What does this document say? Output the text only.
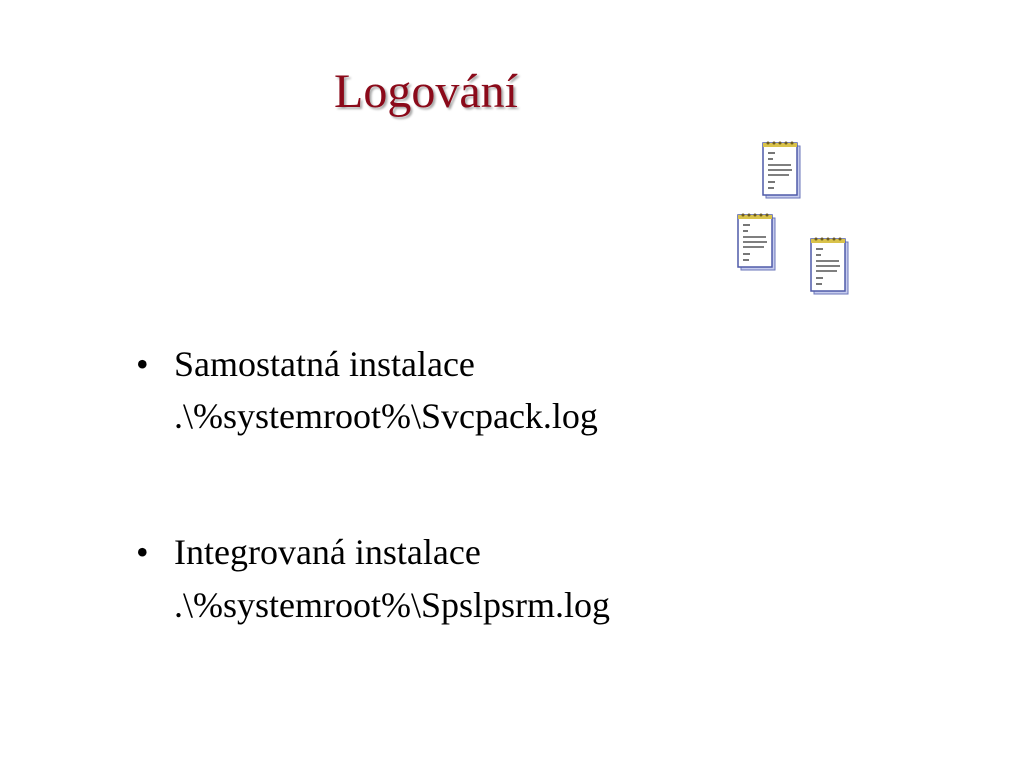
Logování
• Samostatná instalace
.\%systemroot%\Svcpack.log
• Integrovaná instalace
.\%systemroot%\Spslpsrm.log
